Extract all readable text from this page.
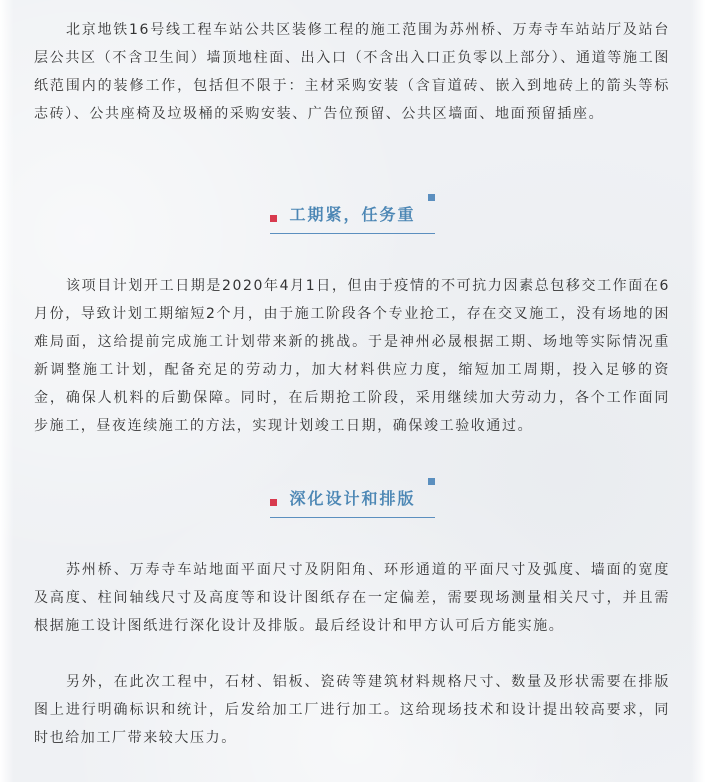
北京地铁16号线工程车站公共区装修工程的施工范围为苏州桥、万寿寺车站站厅及站台层公共区（不含卫生间）墙顶地柱面、出入口（不含出入口正负零以上部分）、通道等施工图纸范围内的装修工作，包括但不限于：主材采购安装（含盲道砖、嵌入到地砖上的箭头等标志砖）、公共座椅及垃圾桶的采购安装、广告位预留、公共区墙面、地面预留插座。

工期紧，任务重

该项目计划开工日期是2020年4月1日，但由于疫情的不可抗力因素总包移交工作面在6月份，导致计划工期缩短2个月，由于施工阶段各个专业抢工，存在交叉施工，没有场地的困难局面，这给提前完成施工计划带来新的挑战。于是神州必晟根据工期、场地等实际情况重新调整施工计划，配备充足的劳动力，加大材料供应力度，缩短加工周期，投入足够的资金，确保人机料的后勤保障。同时，在后期抢工阶段，采用继续加大劳动力，各个工作面同步施工，昼夜连续施工的方法，实现计划竣工日期，确保竣工验收通过。

深化设计和排版

苏州桥、万寿寺车站地面平面尺寸及阴阳角、环形通道的平面尺寸及弧度、墙面的宽度及高度、柱间轴线尺寸及高度等和设计图纸存在一定偏差，需要现场测量相关尺寸，并且需根据施工设计图纸进行深化设计及排版。最后经设计和甲方认可后方能实施。

另外，在此次工程中，石材、铝板、瓷砖等建筑材料规格尺寸、数量及形状需要在排版图上进行明确标识和统计，后发给加工厂进行加工。这给现场技术和设计提出较高要求，同时也给加工厂带来较大压力。
